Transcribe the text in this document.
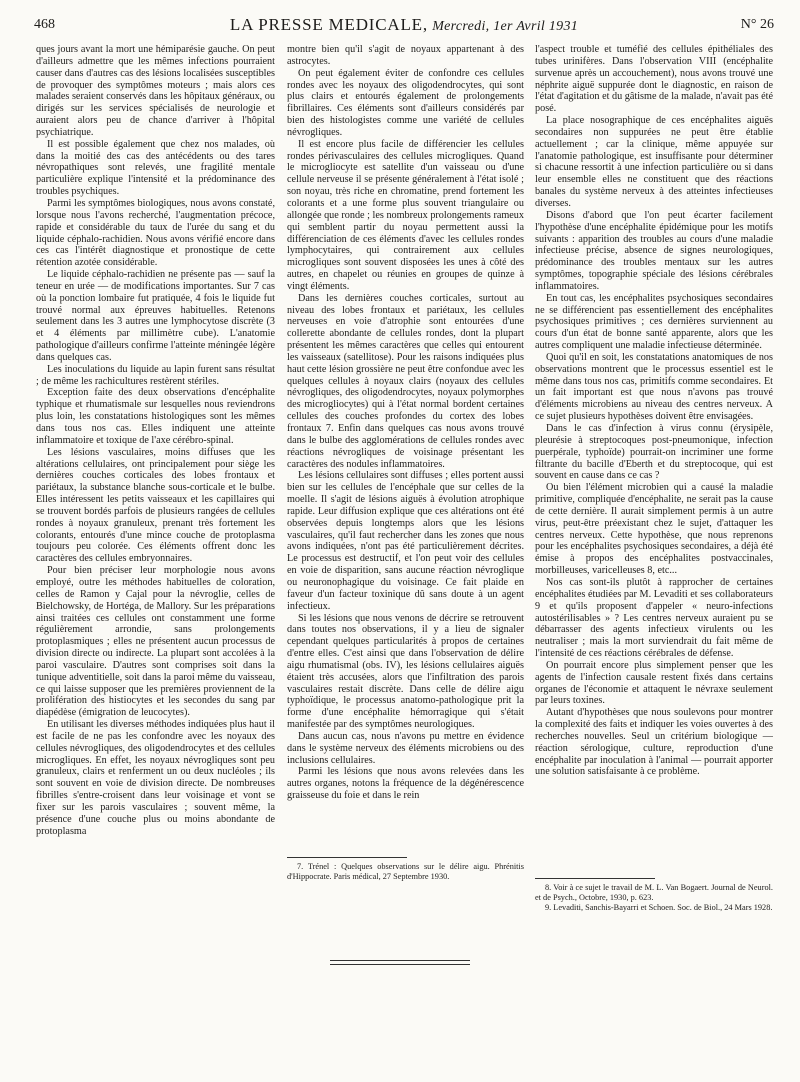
468	LA PRESSE MEDICALE, Mercredi, 1er Avril 1931	N° 26

ques jours avant la mort une hémiparésie gauche. On peut d'ailleurs admettre que les mêmes infections pourraient causer dans d'autres cas des lésions localisées susceptibles de provoquer des symptômes moteurs ; mais alors ces malades seraient conservés dans les hôpitaux généraux, ou dirigés sur les services spécialisés de neurologie et auraient alors peu de chance d'arriver à l'hôpital psychiatrique.

Il est possible également que chez nos malades, où dans la moitié des cas des antécédents ou des tares névropathiques sont relevés, une fragilité mentale particulière explique l'intensité et la prédominance des troubles psychiques.

Parmi les symptômes biologiques, nous avons constaté, lorsque nous l'avons recherché, l'augmentation précoce, rapide et considérable du taux de l'urée du sang et du liquide céphalo-rachidien. Nous avons vérifié encore dans ces cas l'intérêt diagnostique et pronostique de cette rétention azotée considérable.

Le liquide céphalo-rachidien ne présente pas — sauf la teneur en urée — de modifications importantes. Sur 7 cas où la ponction lombaire fut pratiquée, 4 fois le liquide fut trouvé normal aux épreuves habituelles. Retenons seulement dans les 3 autres une lymphocytose discrète (3 et 4 éléments par millimètre cube). L'anatomie pathologique d'ailleurs confirme l'atteinte méningée légère dans quelques cas.

Les inoculations du liquide au lapin furent sans résultat ; de même les rachicultures restèrent stériles.

Exception faite des deux observations d'encéphalite typhique et rhumatismale sur lesquelles nous reviendrons plus loin, les constatations histologiques sont les mêmes dans tous nos cas. Elles indiquent une atteinte inflammatoire et toxique de l'axe cérébro-spinal.

Les lésions vasculaires, moins diffuses que les altérations cellulaires, ont principalement pour siège les dernières couches corticales des lobes frontaux et pariétaux, la substance blanche sous-corticale et le bulbe. Elles intéressent les petits vaisseaux et les capillaires qui se trouvent bordés parfois de plusieurs rangées de cellules rondes à noyaux granuleux, prenant très fortement les colorants, entourés d'une mince couche de protoplasma toujours peu colorée. Ces éléments offrent donc les caractères des cellules embryonnaires.

Pour bien préciser leur morphologie nous avons employé, outre les méthodes habituelles de coloration, celles de Ramon y Cajal pour la névroglie, celles de Bielchowsky, de Hortéga, de Mallory. Sur les préparations ainsi traitées ces cellules ont constamment une forme régulièrement arrondie, sans prolongements protoplasmiques ; elles ne présentent aucun processus de division directe ou indirecte. La plupart sont accolées à la paroi vasculaire. D'autres sont comprises soit dans la tunique adventitielle, soit dans la paroi même du vaisseau, ce qui laisse supposer que les premières proviennent de la prolifération des histiocytes et les secondes du sang par diapédèse (émigration de leucocytes).

En utilisant les diverses méthodes indiquées plus haut il est facile de ne pas les confondre avec les noyaux des cellules névrogliques, des oligodendrocytes et des cellules microgliques. En effet, les noyaux névrogliques sont peu granuleux, clairs et renferment un ou deux nucléoles ; ils sont souvent en voie de division directe. De nombreuses fibrilles s'entre-croisent dans leur voisinage et vont se fixer sur les parois vasculaires ; souvent même, la présence d'une couche plus ou moins abondante de protoplasma

montre bien qu'il s'agit de noyaux appartenant à des astrocytes.

On peut également éviter de confondre ces cellules rondes avec les noyaux des oligodendrocytes, qui sont plus clairs et entourés également de prolongements fibrillaires. Ces éléments sont d'ailleurs considérés par bien des histologistes comme une variété de cellules névrogliques.

Il est encore plus facile de différencier les cellules rondes périvasculaires des cellules microgliques. Quand le microgliocyte est satellite d'un vaisseau ou d'une cellule nerveuse il se présente généralement à l'état isolé ; son noyau, très riche en chromatine, prend fortement les colorants et a une forme plus souvent triangulaire ou allongée que ronde ; les nombreux prolongements rameux qui semblent partir du noyau permettent aussi la différenciation de ces éléments d'avec les cellules rondes lymphocytaires, qui contrairement aux cellules microgliques sont souvent disposées les unes à côté des autres, en chapelet ou réunies en groupes de quinze à vingt éléments.

Dans les dernières couches corticales, surtout au niveau des lobes frontaux et pariétaux, les cellules nerveuses en voie d'atrophie sont entourées d'une collerette abondante de cellules rondes, dont la plupart présentent les mêmes caractères que celles qui entourent les vaisseaux (satellitose). Pour les raisons indiquées plus haut cette lésion grossière ne peut être confondue avec les quelques cellules à noyaux clairs (noyaux des cellules névrogliques, des oligodendrocytes, noyaux polymorphes des microgliocytes) qui à l'état normal bordent certaines cellules des couches profondes du cortex des lobes frontaux 7. Enfin dans quelques cas nous avons trouvé dans le bulbe des agglomérations de cellules rondes avec réactions névrogliques de voisinage présentant les caractères des nodules inflammatoires.

Les lésions cellulaires sont diffuses ; elles portent aussi bien sur les cellules de l'encéphale que sur celles de la moelle. Il s'agit de lésions aiguës à évolution atrophique rapide. Leur diffusion explique que ces altérations ont été observées depuis longtemps alors que les lésions vasculaires, qu'il faut rechercher dans les zones que nous avons indiquées, n'ont pas été particulièrement décrites. Le processus est destructif, et l'on peut voir des cellules en voie de disparition, sans aucune réaction névroglique ou neuronophagique du voisinage. Ce fait plaide en faveur d'un facteur toxinique dû sans doute à un agent infectieux.

Si les lésions que nous venons de décrire se retrouvent dans toutes nos observations, il y a lieu de signaler cependant quelques particularités à propos de certaines d'entre elles. C'est ainsi que dans l'observation de délire aigu rhumatismal (obs. IV), les lésions cellulaires aiguës étaient très accusées, alors que l'infiltration des parois vasculaires restait discrète. Dans celle de délire aigu typhoïdique, le processus anatomo-pathologique prit la forme d'une encéphalite hémorragique qui s'était manifestée par des symptômes neurologiques.

Dans aucun cas, nous n'avons pu mettre en évidence dans le système nerveux des éléments microbiens ou des inclusions cellulaires.

Parmi les lésions que nous avons relevées dans les autres organes, notons la fréquence de la dégénérescence graisseuse du foie et dans le rein

l'aspect trouble et tuméfié des cellules épithéliales des tubes urinifères. Dans l'observation VIII (encéphalite survenue après un accouchement), nous avons trouvé une néphrite aiguë suppurée dont le diagnostic, en raison de l'état d'agitation et du gâtisme de la malade, n'avait pas été posé.

La place nosographique de ces encéphalites aiguës secondaires non suppurées ne peut être établie actuellement ; car la clinique, même appuyée sur l'anatomie pathologique, est insuffisante pour déterminer si chacune ressortit à une infection particulière ou si dans leur ensemble elles ne constituent que des réactions banales du système nerveux à des atteintes infectieuses diverses.

Disons d'abord que l'on peut écarter facilement l'hypothèse d'une encéphalite épidémique pour les motifs suivants : apparition des troubles au cours d'une maladie infectieuse précise, absence de signes neurologiques, prédominance des troubles mentaux sur les autres symptômes, topographie spéciale des lésions cérébrales inflammatoires.

En tout cas, les encéphalites psychosiques secondaires ne se différencient pas essentiellement des encéphalites psychosiques primitives ; ces dernières surviennent au cours d'un état de bonne santé apparente, alors que les autres compliquent une maladie infectieuse déterminée.

Quoi qu'il en soit, les constatations anatomiques de nos observations montrent que le processus essentiel est le même dans tous nos cas, primitifs comme secondaires. Et un fait important est que nous n'avons pas trouvé d'éléments microbiens au niveau des centres nerveux. A ce sujet plusieurs hypothèses doivent être envisagées.

Dans le cas d'infection à virus connu (érysipèle, pleurésie à streptocoques post-pneumonique, infection puerpérale, typhoïde) pourrait-on incriminer une forme filtrante du bacille d'Eberth et du streptocoque, qui est souvent en cause dans ce cas ?

Ou bien l'élément microbien qui a causé la maladie primitive, compliquée d'encéphalite, ne serait pas la cause de cette dernière. Il aurait simplement permis à un autre virus, peut-être préexistant chez le sujet, d'attaquer les centres nerveux. Cette hypothèse, que nous reprenons pour les encéphalites psychosiques secondaires, a déjà été émise à propos des encéphalites postvaccinales, morbilleuses, varicelleuses 8, etc...

Nos cas sont-ils plutôt à rapprocher de certaines encéphalites étudiées par M. Levaditi et ses collaborateurs 9 et qu'ils proposent d'appeler « neuro-infections autostérilisables » ? Les centres nerveux auraient pu se débarrasser des agents infectieux virulents ou les neutraliser ; mais la mort surviendrait du fait même de l'intensité de ces réactions cérébrales de défense.

On pourrait encore plus simplement penser que les agents de l'infection causale restent fixés dans certains organes de l'économie et attaquent le névraxe seulement par leurs toxines.

Autant d'hypothèses que nous soulevons pour montrer la complexité des faits et indiquer les voies ouvertes à des recherches nouvelles. Seul un critérium biologique — réaction sérologique, culture, reproduction d'une encéphalite par inoculation à l'animal — pourrait apporter une solution satisfaisante à ce problème.

7. Trénel : Quelques observations sur le délire aigu. Phrénitis d'Hippocrate. Paris médical, 27 Septembre 1930.

8. Voir à ce sujet le travail de M. L. Van Bogaert. Journal de Neurol. et de Psych., Octobre, 1930, p. 623.

9. Levaditi, Sanchis-Bayarri et Schoen. Soc. de Biol., 24 Mars 1928.
